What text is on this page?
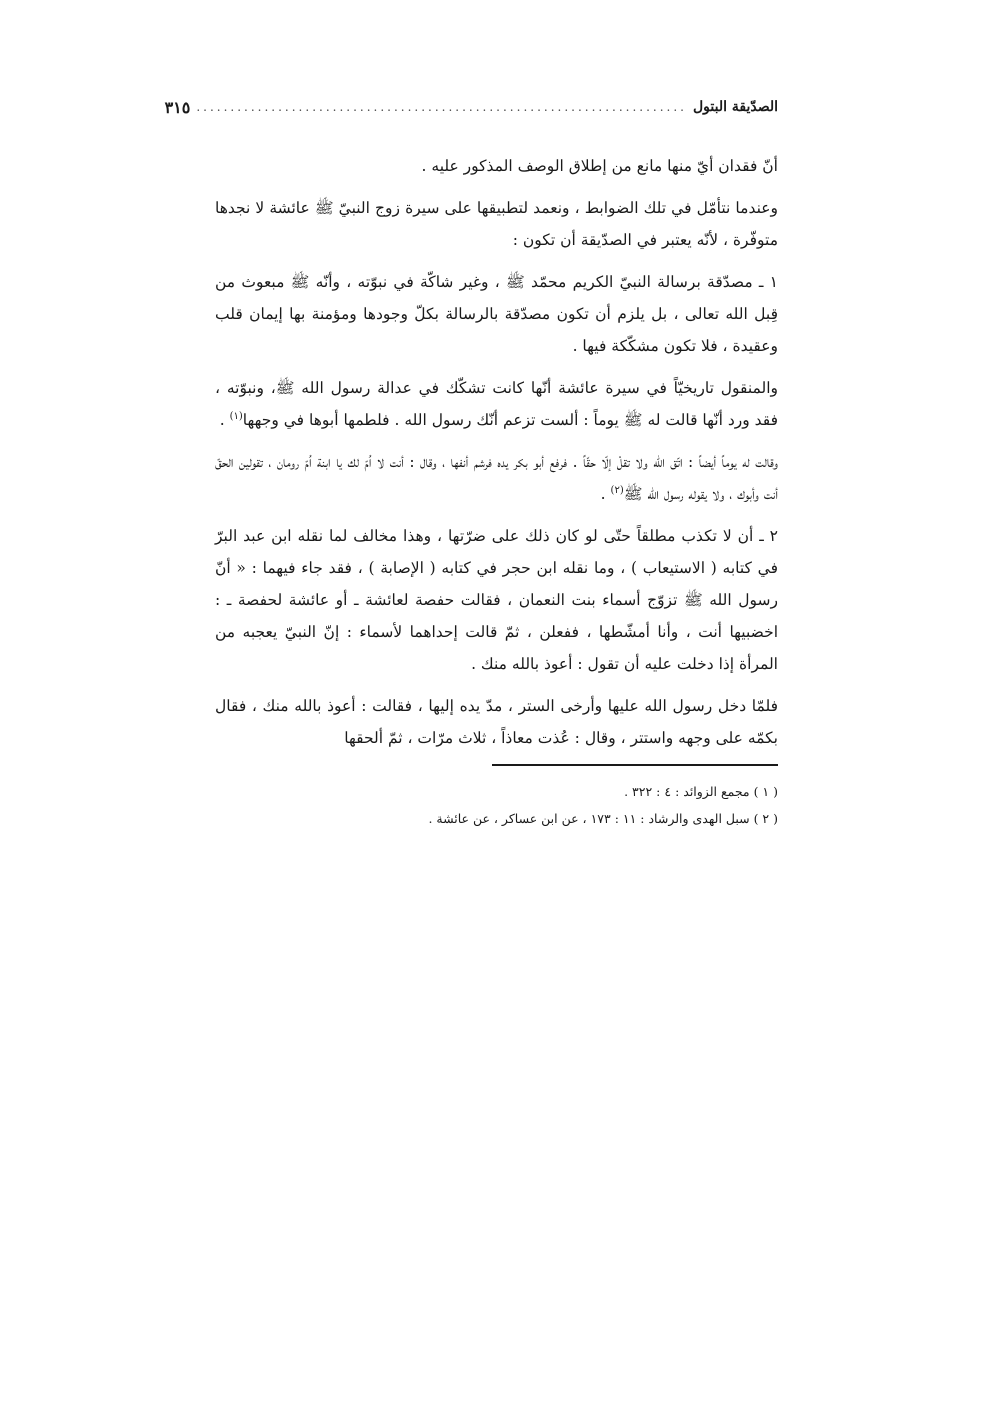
الصدّيقة البتول
........................................................................
٣١٥

أنّ فقدان أيّ منها مانع من إطلاق الوصف المذكور عليه .

وعندما نتأمّل في تلك الضوابط ، ونعمد لتطبيقها على سيرة زوج النبيّ ﷺ عائشة لا نجدها متوفّرة ، لأنّه يعتبر في الصدّيقة أن تكون :

١ ـ مصدّقة برسالة النبيّ الكريم محمّد ﷺ ، وغير شاكّة في نبوّته ، وأنّه ﷺ مبعوث من قِبل الله تعالى ، بل يلزم أن تكون مصدّقة بالرسالة بكلّ وجودها ومؤمنة بها إيمان قلب وعقيدة ، فلا تكون مشكّكة فيها .

والمنقول تاريخيّاً في سيرة عائشة أنّها كانت تشكّك في عدالة رسول الله ﷺ، ونبوّته ، فقد ورد أنّها قالت له ﷺ يوماً : ألست تزعم أنّك رسول الله . فلطمها أبوها في وجهها$^{(١)}$ .

وقالت له يوماً أيضاً : اتّق الله ولا تقلْ إلّا حقّاً . فرفع أبو بكر يده فرشم أنفها ، وقال : أنت لا اُمّ لك يا ابنة اُمّ رومان ، تقولين الحقّ أنت وأبوك ، ولا يقوله رسول الله ﷺ$^{(٢)}$ .

٢ ـ أن لا تكذب مطلقاً حتّى لو كان ذلك على ضرّتها ، وهذا مخالف لما نقله ابن عبد البرّ في كتابه ( الاستيعاب ) ، وما نقله ابن حجر في كتابه ( الإصابة ) ، فقد جاء فيهما : « أنّ رسول الله ﷺ تزوّج أسماء بنت النعمان ، فقالت حفصة لعائشة ـ أو عائشة لحفصة ـ : اخضبيها أنت ، وأنا أمشّطها ، ففعلن ، ثمّ قالت إحداهما لأسماء : إنّ النبيّ يعجبه من المرأة إذا دخلت عليه أن تقول : أعوذ بالله منك .

فلمّا دخل رسول الله عليها وأرخى الستر ، مدّ يده إليها ، فقالت : أعوذ بالله منك ، فقال بكمّه على وجهه واستتر ، وقال : عُذت معاذاً ، ثلاث مرّات ، ثمّ ألحقها

( ١ ) مجمع الزوائد : ٤ : ٣٢٢ .
( ٢ ) سبل الهدى والرشاد : ١١ : ١٧٣ ، عن ابن عساكر ، عن عائشة .
